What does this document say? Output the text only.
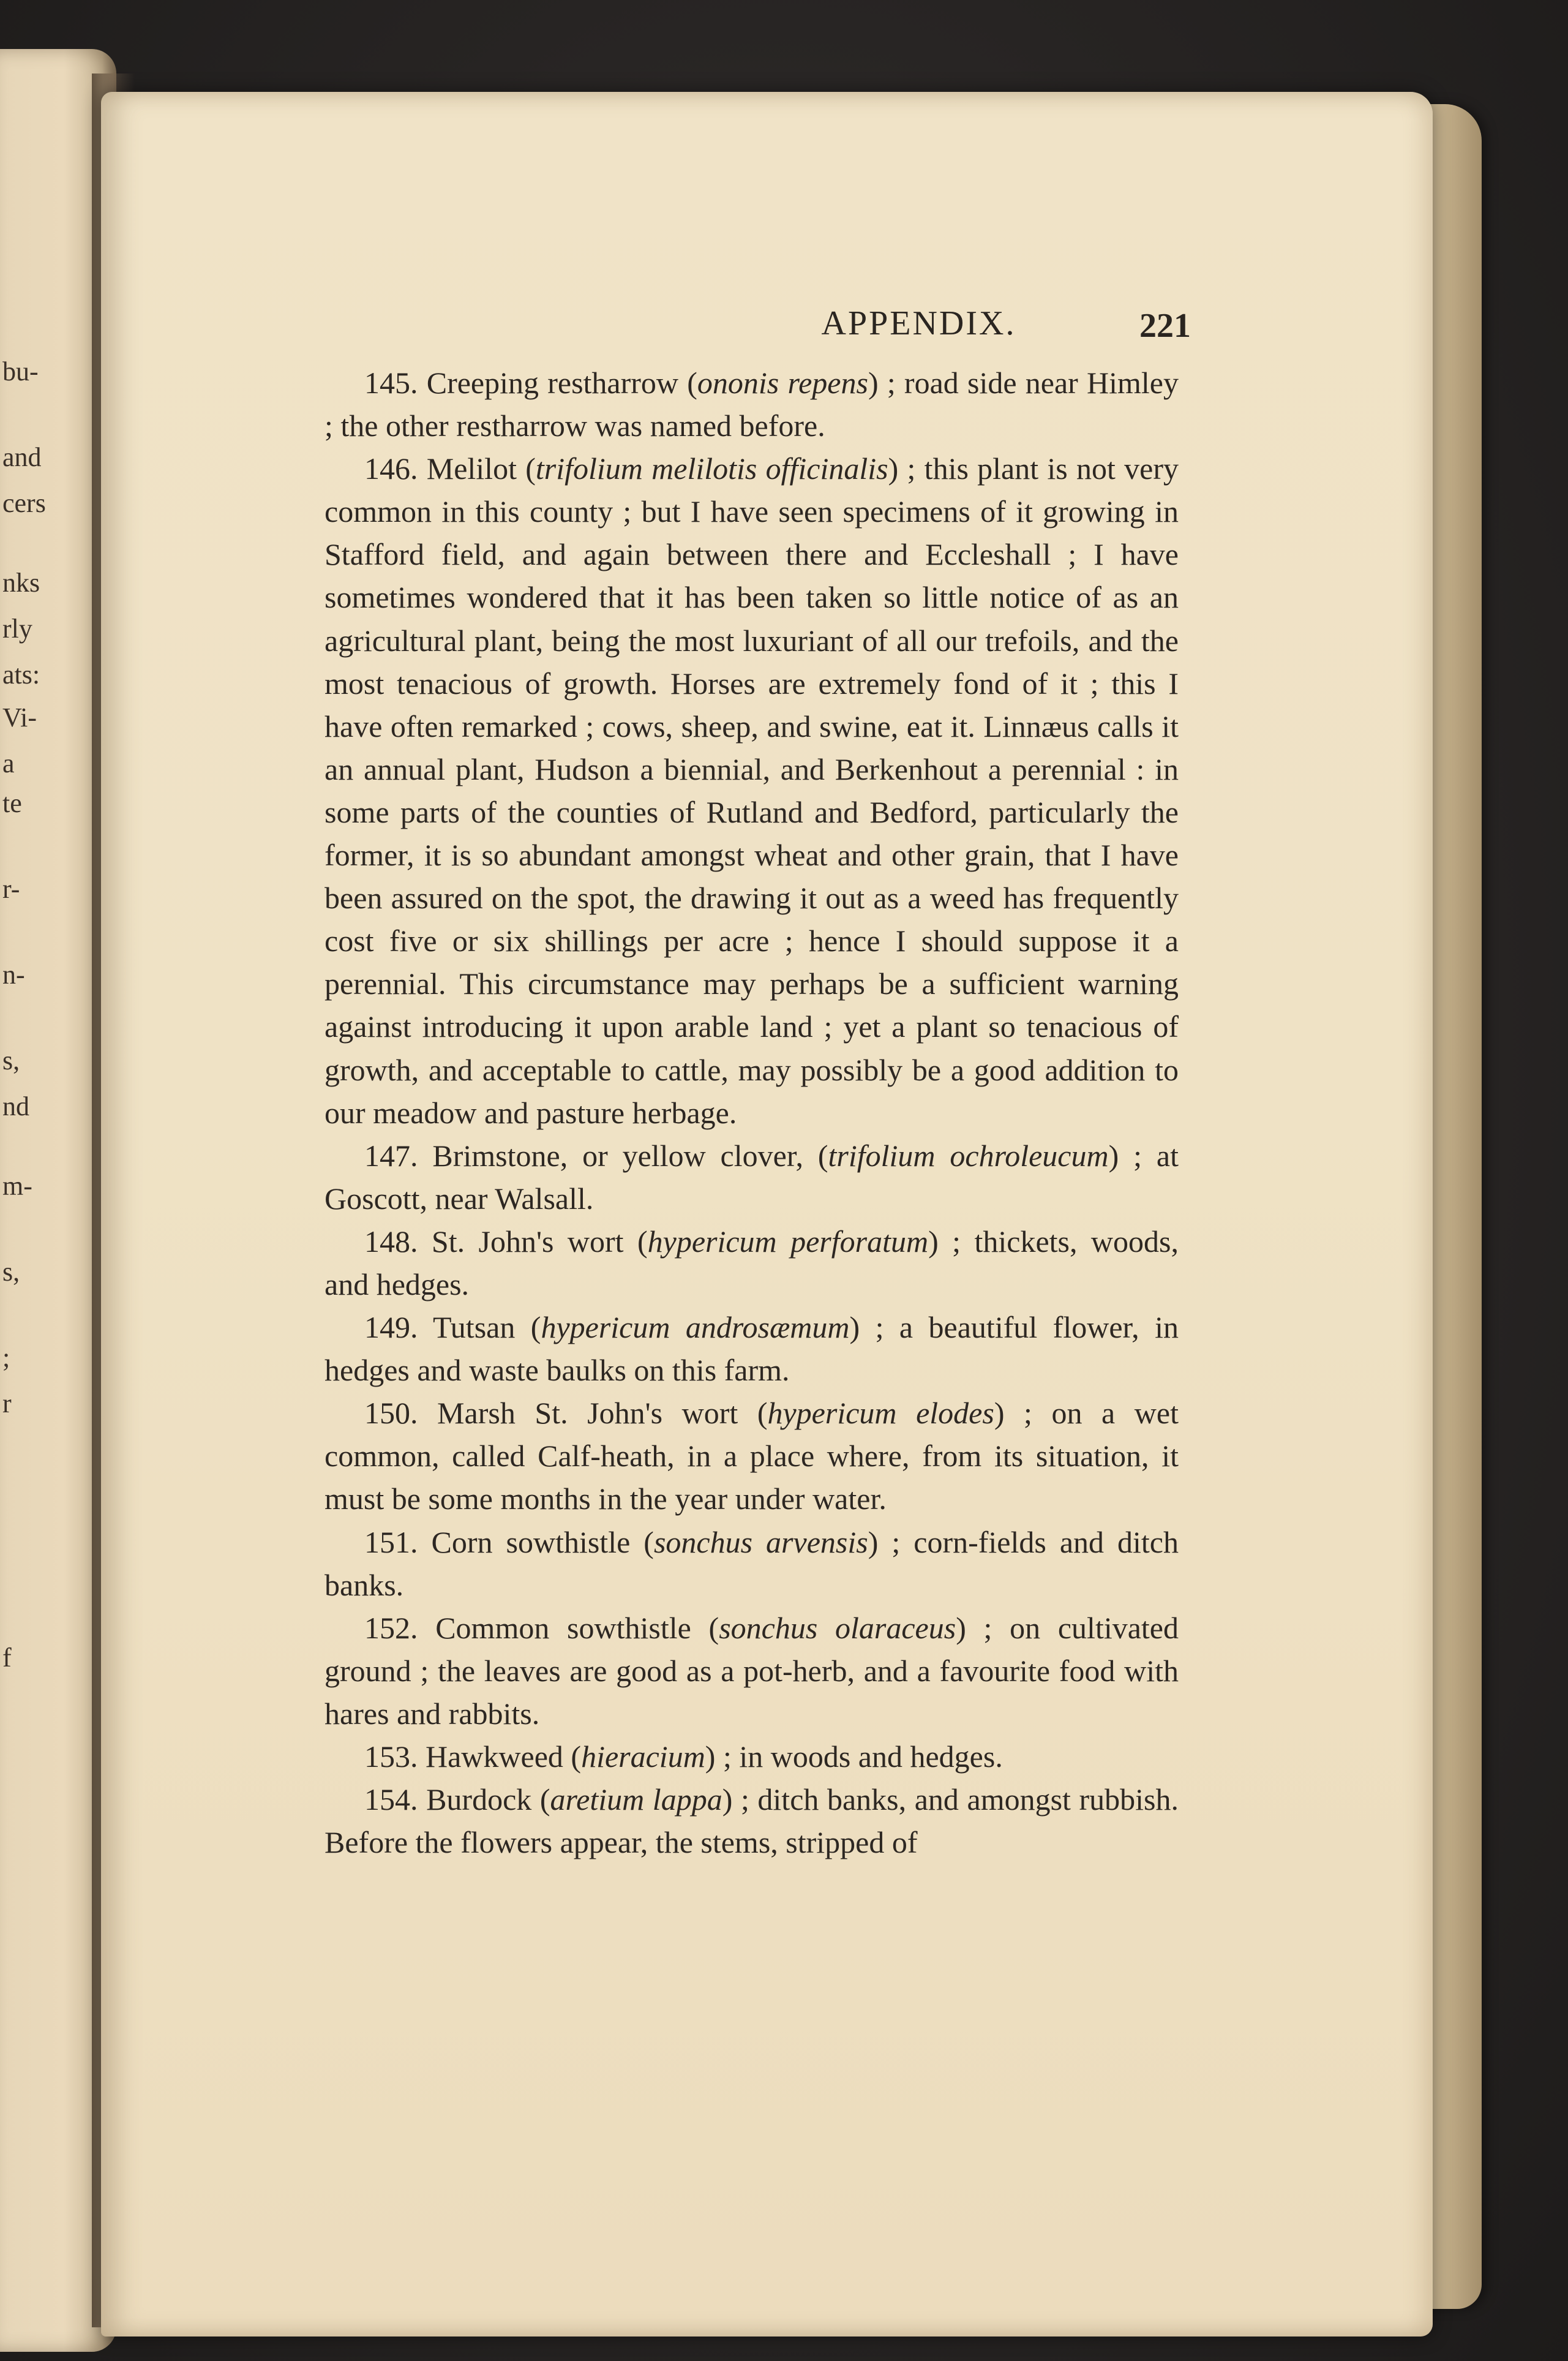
bu-
and
cers
nks
rly
ats:
Vi-
a
te
r-
n-
s,
nd
m-
s,
;
r
f
APPENDIX.	221

145. Creeping restharrow (ononis repens) ; road side near Himley ; the other restharrow was named before.

146. Melilot (trifolium melilotis officinalis) ; this plant is not very common in this county ; but I have seen specimens of it growing in Stafford field, and again between there and Eccleshall ; I have sometimes wondered that it has been taken so little notice of as an agricultural plant, being the most luxuriant of all our trefoils, and the most tenacious of growth. Horses are extremely fond of it ; this I have often remarked ; cows, sheep, and swine, eat it. Linnæus calls it an annual plant, Hudson a biennial, and Berkenhout a perennial : in some parts of the counties of Rutland and Bedford, particularly the former, it is so abundant amongst wheat and other grain, that I have been assured on the spot, the drawing it out as a weed has frequently cost five or six shillings per acre ; hence I should suppose it a perennial. This circumstance may perhaps be a sufficient warning against introducing it upon arable land ; yet a plant so tenacious of growth, and acceptable to cattle, may possibly be a good addition to our meadow and pasture herbage.

147. Brimstone, or yellow clover, (trifolium ochroleucum) ; at Goscott, near Walsall.

148. St. John's wort (hypericum perforatum) ; thickets, woods, and hedges.

149. Tutsan (hypericum androsæmum) ; a beautiful flower, in hedges and waste baulks on this farm.

150. Marsh St. John's wort (hypericum elodes) ; on a wet common, called Calf-heath, in a place where, from its situation, it must be some months in the year under water.

151. Corn sowthistle (sonchus arvensis) ; corn-fields and ditch banks.

152. Common sowthistle (sonchus olaraceus) ; on cultivated ground ; the leaves are good as a pot-herb, and a favourite food with hares and rabbits.

153. Hawkweed (hieracium) ; in woods and hedges.

154. Burdock (aretium lappa) ; ditch banks, and amongst rubbish. Before the flowers appear, the stems, stripped of
